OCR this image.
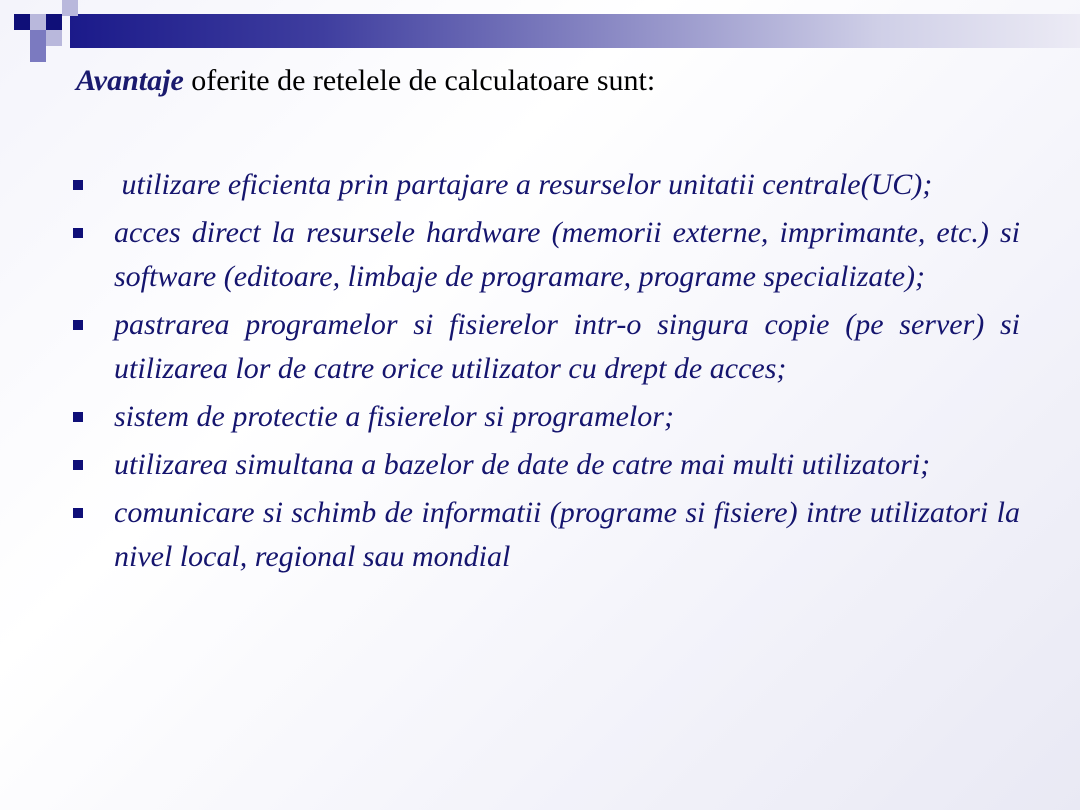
Avantaje oferite de retelele de calculatoare sunt:
utilizare eficienta prin partajare a resurselor unitatii centrale(UC);
acces direct la resursele hardware (memorii externe, imprimante, etc.) si software (editoare, limbaje de programare, programe specializate);
pastrarea programelor si fisierelor intr-o singura copie (pe server) si utilizarea lor de catre orice utilizator cu drept de acces;
sistem de protectie a fisierelor si programelor;
utilizarea simultana a bazelor de date de catre mai multi utilizatori;
comunicare si schimb de informatii (programe si fisiere) intre utilizatori la nivel local, regional sau mondial
